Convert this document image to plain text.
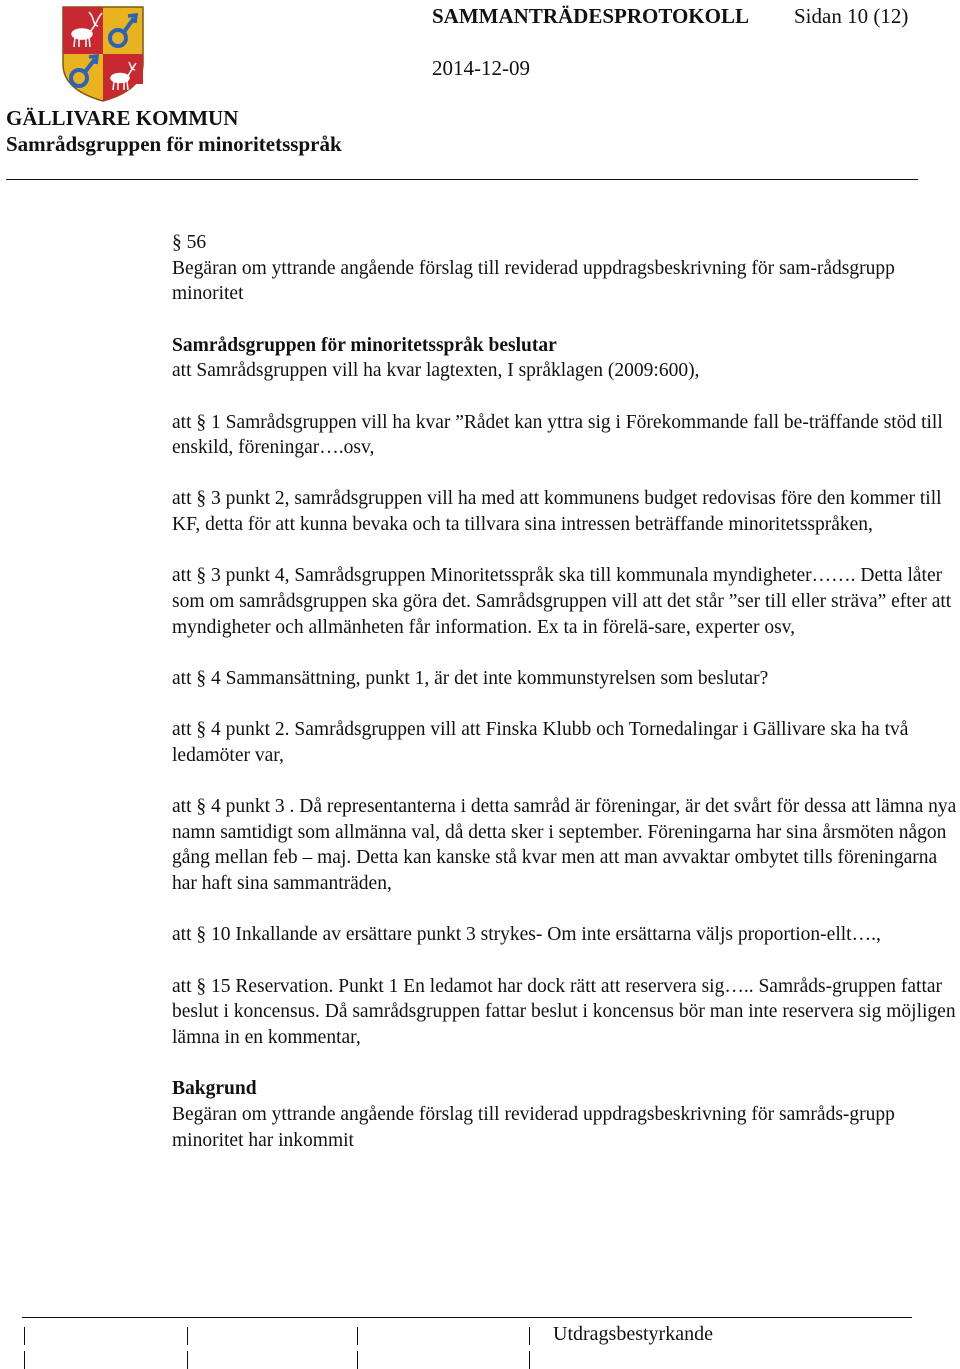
SAMMANTRÄDESPROTOKOLL Sidan 10 (12)
2014-12-09
GÄLLIVARE KOMMUN
Samrådsgruppen för minoritetsspråk

§ 56

Begäran om yttrande angående förslag till reviderad uppdragsbeskrivning för sam-rådsgrupp minoritet

Samrådsgruppen för minoritetsspråk beslutar

att Samrådsgruppen vill ha kvar lagtexten, I språklagen (2009:600),

att § 1 Samrådsgruppen vill ha kvar ”Rådet kan yttra sig i Förekommande fall be-träffande stöd till enskild, föreningar….osv,

att § 3 punkt 2, samrådsgruppen vill ha med att kommunens budget redovisas före den kommer till KF, detta för att kunna bevaka och ta tillvara sina intressen beträffande minoritetsspråken,

att § 3 punkt 4, Samrådsgruppen Minoritetsspråk ska till kommunala myndigheter……. Detta låter som om samrådsgruppen ska göra det. Samrådsgruppen vill att det står ”ser till eller sträva” efter att myndigheter och allmänheten får information. Ex ta in förelä-sare, experter osv,

att § 4 Sammansättning, punkt 1, är det inte kommunstyrelsen som beslutar?

att § 4 punkt 2. Samrådsgruppen vill att Finska Klubb och Tornedalingar i Gällivare ska ha två ledamöter var,

att § 4 punkt 3 . Då representanterna i detta samråd är föreningar, är det svårt för dessa att lämna nya namn samtidigt som allmänna val, då detta sker i september. Föreningarna har sina årsmöten någon gång mellan feb – maj. Detta kan kanske stå kvar men att man avvaktar ombytet tills föreningarna har haft sina sammanträden,

att § 10 Inkallande av ersättare punkt 3 strykes- Om inte ersättarna väljs proportion-ellt….,

att § 15 Reservation. Punkt 1 En ledamot har dock rätt att reservera sig….. Samråds-gruppen fattar beslut i koncensus. Då samrådsgruppen fattar beslut i koncensus bör man inte reservera sig möjligen lämna in en kommentar,

Bakgrund

Begäran om yttrande angående förslag till reviderad uppdragsbeskrivning för samråds-grupp minoritet har inkommit

Utdragsbestyrkande
